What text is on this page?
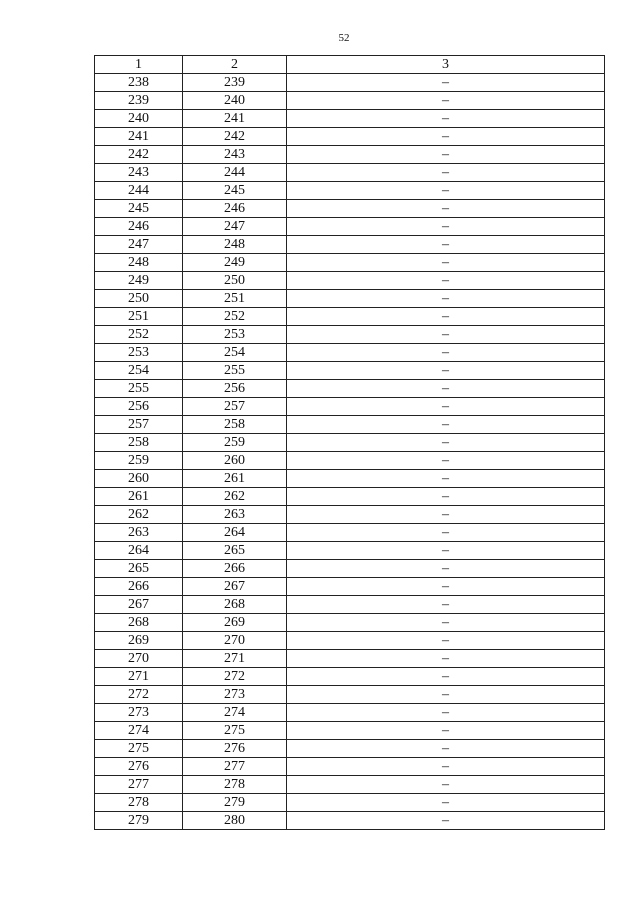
52
1	2	3
238	239	–
239	240	–
240	241	–
241	242	–
242	243	–
243	244	–
244	245	–
245	246	–
246	247	–
247	248	–
248	249	–
249	250	–
250	251	–
251	252	–
252	253	–
253	254	–
254	255	–
255	256	–
256	257	–
257	258	–
258	259	–
259	260	–
260	261	–
261	262	–
262	263	–
263	264	–
264	265	–
265	266	–
266	267	–
267	268	–
268	269	–
269	270	–
270	271	–
271	272	–
272	273	–
273	274	–
274	275	–
275	276	–
276	277	–
277	278	–
278	279	–
279	280	–
